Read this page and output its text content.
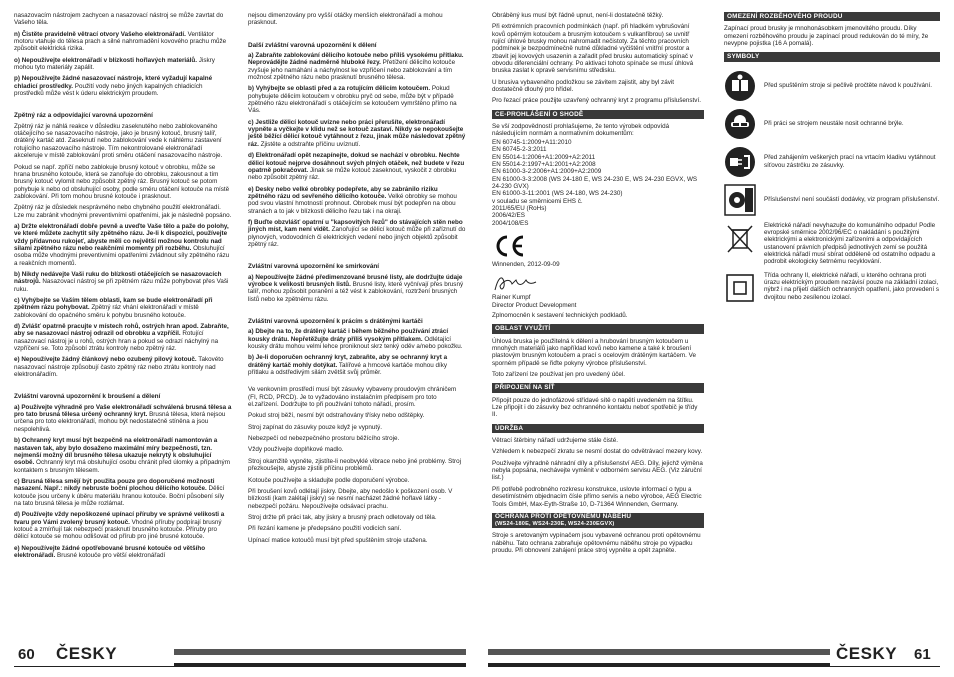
nasazovacím nástrojem zachycen a nasazovací nástroj se může zavrtat do Vašeho těla.

n) Čistěte pravidelně větrací otvory Vašeho elektronářadí. Ventilátor motoru vtahuje do tělesa prach a silné nahromadění kovového prachu může způsobit elektrická rizika.

o) Nepoužívejte elektronářadí v blízkosti hořlavých materiálů. Jiskry mohou tyto materiály zapálit.

p) Nepoužívejte žádné nasazovací nástroje, které vyžadují kapalné chladicí prostředky. Použití vody nebo jiných kapalných chladicích prostředků může vést k úderu elektrickým proudem.

Zpětný ráz a odpovídající varovná upozornění

Zpětný ráz je náhlá reakce v důsledku zaseknutého nebo zablokovaného otáčejícího se nasazovacího nástroje, jako je brusný kotouč, brusný talíř, drátěný kartáč atd. Zaseknutí nebo zablokování vede k náhlému zastavení rotujícího nasazovacího nástroje. Tím nekontrolované elektronářadí akceleruje v místě zablokování proti směru otáčení nasazovacího nástroje.

Pokud se např. zpříčí nebo zablokuje brusný kotouč v obrobku, může se hrana brusného kotouče, která se zanořuje do obrobku, zakousnout a tím brusný kotouč vylomit nebo způsobit zpětný ráz. Brusný kotouč se potom pohybuje k nebo od obsluhující osoby, podle směru otáčení kotouče na místě zablokování. Při tom mohou brusné kotouče i prasknout.

Zpětný ráz je důsledek nesprávného nebo chybného použití elektronářadí. Lze mu zabránit vhodnými preventivními opatřeními, jak je následně popsáno.

a) Držte elektronářadí dobře pevně a uveďte Vaše tělo a paže do polohy, ve které můžete zachytit síly zpětného rázu. Je-li k dispozici, používejte vždy přídavnou rukojeť, abyste měli co největší možnou kontrolu nad silami zpětného rázu nebo reakčními momenty při rozběhu. Obsluhující osoba může vhodnými preventivními opatřeními zvládnout síly zpětného rázu a reakčních momentů.

b) Nikdy nedávejte Vaši ruku do blízkosti otáčejících se nasazovacích nástrojů. Nasazovací nástroj se při zpětném rázu může pohybovat přes Vaši ruku.

c) Vyhýbejte se Vaším tělem oblasti, kam se bude elektronářadí při zpětném rázu pohybovat. Zpětný ráz vhání elektronářadí v místě zablokování do opačného směru k pohybu brusného kotouče.

d) Zvlášť opatrně pracujte v místech rohů, ostrých hran apod. Zabraňte, aby se nasazovací nástroj odrazil od obrobku a vzpříčil. Rotující nasazovací nástroj je u rohů, ostrých hran a pokud se odrazí náchylný na vzpříčení se. Toto způsobí ztrátu kontroly nebo zpětný ráz.

e) Nepoužívejte žádný článkový nebo ozubený pilový kotouč. Takovéto nasazovací nástroje způsobují často zpětný ráz nebo ztrátu kontroly nad elektronářadím.

Zvláštní varovná upozornění k broušení a dělení

a) Používejte výhradně pro Vaše elektronářadí schválená brusná tělesa a pro tato brusná tělesa určený ochranný kryt. Brusná tělesa, která nejsou určena pro toto elektronářadí, mohou být nedostatečně stíněna a jsou nespolehlivá.

b) Ochranný kryt musí být bezpečně na elektronářadí namontován a nastaven tak, aby bylo dosaženo maximální míry bezpečnosti, tzn. nejmenší možný díl brusného tělesa ukazuje nekrytý k obsluhující osobě. Ochranný kryt má obsluhující osobu chránit před úlomky a případným kontaktem s brusným tělesem.

c) Brusná tělesa smějí být použita pouze pro doporučené možnosti nasazení. Např.: nikdy nebruste boční plochou dělicího kotouče. Dělicí kotouče jsou určeny k úběru materiálu hranou kotouče. Boční působení síly na tato brusná tělesa je může rozlámat.

d) Používejte vždy nepoškozené upínací příruby ve správné velikosti a tvaru pro Vámi zvolený brusný kotouč. Vhodné příruby podpírají brusný kotouč a zmírňují tak nebezpečí prasknutí brusného kotouče. Příruby pro dělicí kotouče se mohou odlišovat od přírub pro jiné brusné kotouče.

e) Nepoužívejte žádné opotřebované brusné kotouče od většího elektronářadí. Brusné kotouče pro větší elektronářadí

nejsou dimenzovány pro vyšší otáčky menších elektronářadí a mohou prasknout.

Další zvláštní varovná upozornění k dělení

a) Zabraňte zablokování dělicího kotouče nebo příliš vysokému přítlaku. Neprovádějte žádné nadměrně hluboké řezy. Přetížení dělicího kotouče zvyšuje jeho namáhání a náchylnost ke vzpříčení nebo zablokování a tím možnost zpětného rázu nebo prasknutí brusného tělesa.

b) Vyhýbejte se oblasti před a za rotujícím dělicím kotoučem. Pokud pohybujete dělicím kotoučem v obrobku pryč od sebe, může být v případě zpětného rázu elektronářadí s otáčejícím se kotoučem vymrštěno přímo na Vás.

c) Jestliže dělicí kotouč uvízne nebo práci přerušíte, elektronářadí vypněte a vyčkejte v klidu než se kotouč zastaví. Nikdy se nepokoušejte ještě běžící dělicí kotouč vytáhnout z řezu, jinak může následovat zpětný ráz. Zjistěte a odstraňte příčinu uvíznutí.

d) Elektronářadí opět nezapínejte, dokud se nachází v obrobku. Nechte dělicí kotouč nejprve dosáhnout svých plných otáček, než budete v řezu opatrně pokračovat. Jinak se může kotouč zaseknout, vyskočit z obrobku nebo způsobit zpětný ráz.

e) Desky nebo velké obrobky podepřete, aby se zabránilo riziku zpětného rázu od sevřeného dělicího kotouče. Velké obrobky se mohou pod svou vlastní hmotností prohnout. Obrobek musí být podepřen na obou stranách a to jak v blízkosti dělicího řezu tak i na okraji.

f) Buďte obzvlášť opatrní u "kapsovitých řezů" do stávajících stěn nebo jiných míst, kam není vidět. Zanořující se dělicí kotouč může při zaříznutí do plynových, vodovodních či elektrických vedení nebo jiných objektů způsobit zpětný ráz.

Zvláštní varovná upozornění ke smirkování

a) Nepoužívejte žádné předimenzované brusné listy, ale dodržujte údaje výrobce k velikosti brusných listů. Brusné listy, které vyčnívají přes brusný talíř, mohou způsobit poranění a též vést k zablokování, roztržení brusných listů nebo ke zpětnému rázu.

Zvláštní varovná upozornění k prácím s drátěnými kartáči

a) Dbejte na to, že drátěný kartáč i během běžného používání ztrácí kousky drátu. Nepřetěžujte dráty příliš vysokým přítlakem. Odlétající kousky drátu mohou velmi lehce proniknout skrz tenký oděv a/nebo pokožku.

b) Je-li doporučen ochranný kryt, zabraňte, aby se ochranný kryt a drátěný kartáč mohly dotýkat. Talířové a hrncové kartáče mohou díky přítlaku a odstředivým silám zvětšit svůj průměr.

Ve venkovním prostředí musí být zásuvky vybaveny proudovým chráničem (FI, RCD, PRCD). Je to vyžadováno instalačním předpisem pro toto el.zařízení. Dodržujte to při používání tohoto nářadí, prosím.

Pokud stroj běží, nesmí být odstraňovány třísky nebo odštěpky.

Stroj zapínat do zásuvky pouze když je vypnutý.

Nebezpečí od nebezpečného prostoru běžícího stroje.

Vždy používejte doplňkové madlo.

Stroj okamžitě vypněte, zjistíte-li neobvyklé vibrace nebo jiné problémy. Stroj přezkoušejte, abyste zjistili příčinu problémů.

Kotouče používejte a skladujte podle doporučení výrobce.

Při broušení kovů odlétají jiskry. Dbejte, aby nedošlo k poškození osob. V blízkosti (kam zalétají jiskry) se nesmí nacházet žádné hořlavé látky - nebezpečí požáru. Nepoužívejte odsávací prachu.

Stroj držte při práci tak, aby jiskry a brusný prach odletovaly od těla.

Při řezání kamene je předepsáno použití vodicích saní.

Upínací matice kotoučů musí být před spuštěním stroje utažena.

Obráběný kus musí být řádně upnut, není-li dostatečně těžký.

Při extrémních pracovních podmínkách (např. při hladkém vybrušování kovů opěrným kotoučem a brusným kotoučem s vulkanfíbrou) se uvnitř rující úhlové brusky mohou nahromadit nečistoty. Za těchto pracovních podmínek je bezpodmínečně nutné důkladné vyčištění vnitřní prostor a zbavit jej kovových usazenin a zařadit před brusku automatický spínač v obvodu diferenciální ochrany. Po aktivaci tohoto spínače se musí úhlová bruska zaslat k opravě servisnímu středisku.

U brusiva vybaveného podložkou se závitem zajistit, aby byl závit dostatečně dlouhý pro hřídel.

Pro řezací práce použijte uzavřený ochranný kryt z programu příslušenství.

CE-PROHLÁŠENÍ O SHODĚ

Se vší zodpovědností prohlašujeme, že tento výrobek odpovídá následujícím normám a normativním dokumentům:

EN 60745-1:2009+A11:2010
EN 60745-2-3:2011
EN 55014-1:2006+A1:2009+A2:2011
EN 55014-2:1997+A1:2001+A2:2008
EN 61000-3-2:2006+A1:2009+A2:2009
EN 61000-3-3:2008 (WS 24-180 E, WS 24-230 E, WS 24-230 EGVX, WS 24-230 GVX)
EN 61000-3-11:2001 (WS 24-180, WS 24-230)
v souladu se směrnicemi EHS č.
2011/65/EU (RoHs)
2006/42/ES
2004/108/ES

Winnenden, 2012-09-09

Rainer Kumpf
Director Product Development

Zplnomocněn k sestavení technických podkladů.

OBLAST VYUŽITÍ

Úhlová bruska je použitelná k dělení a hrubování brusným kotoučem u mnohých materiálů jako například kovů nebo kamene a také k broušení plastovým brusným kotoučem a prací s ocelovým drátěným kartáčem. Ve sporném případě se řiďte pokyny výrobce příslušenství.

Toto zařízení lze používat jen pro uvedený účel.

PŘIPOJENÍ NA SÍŤ

Připojit pouze do jednofázové střídavé sítě o napětí uvedeném na štítku. Lze připojit i do zásuvky bez ochranného kontaktu neboť spotřebič je třídy II.

ÚDRŽBA

Větrací štěrbiny nářadí udržujeme stále čisté.

Vzhledem k nebezpečí zkratu se nesmí dostat do odvětrávací mezery kovy.

Používejte výhradně náhradní díly a příslušenství AEG. Díly, jejichž výměna nebyla popsána, nechávejte vyměnit v odborném servisu AEG. (Viz záruční list.)

Při potřebě podrobného rozkresu konstrukce, uslovte informací o typu a desetimístném objednacím čísle přímo servis a nebo výrobce, AEG Electric Tools GmbH, Max-Eyth-Straße 10, D-71364 Winnenden, Germany.

OCHRANA PROTI OPĚTOVNÉMU NÁBĚHU
(WS24-180E, WS24-230E, WS24-230EGVX)

Stroje s aretovaným vypínačem jsou vybavené ochranou proti opětovnému náběhu. Tato ochrana zabraňuje opětovnému náběhu stroje po výpadku proudu. Při obnovení zahájení práce stroj vypněte a opět zapněte.

OMEZENÍ ROZBĚHOVÉHO PROUDU

Zapínací proud brusky je mnohonásobkem jmenovitého proudu. Díky omezení rozběhového proudu je zapínací proud redukován do té míry, že nevypne pojistka (16 A pomalá).

SYMBOLY
Před spuštěním stroje si pečlivě pročtěte návod k používání.
Při práci se strojem neustále nosit ochranné brýle.
Před zahájením veškerých prací na vrtacím kladivu vytáhnout síťovou zástrčku ze zásuvky.
Příslušenství není součástí dodávky, viz program příslušenství.
Elektrické nářadí nevyhazujte do komunálního odpadu! Podle evropské směrnice 2002/96/EC o nakládání s použitými elektrickými a elektronickými zařízeními a odpovídajících ustanovení právních předpisů jednotlivých zemí se použitá elektrická nářadí musí sbírat odděleně od ostatního odpadu a podrobit ekologicky šetrnému recyklování.
Třída ochrany II, elektrické nářadí, u kterého ochrana proti úrazu elektrickým proudem nezávisí pouze na základní izolaci, nýbrž i na přijetí dalších ochranných opatření, jako provedení s dvojitou nebo zesílenou izolací.
60 ČESKY	ČESKY 61
